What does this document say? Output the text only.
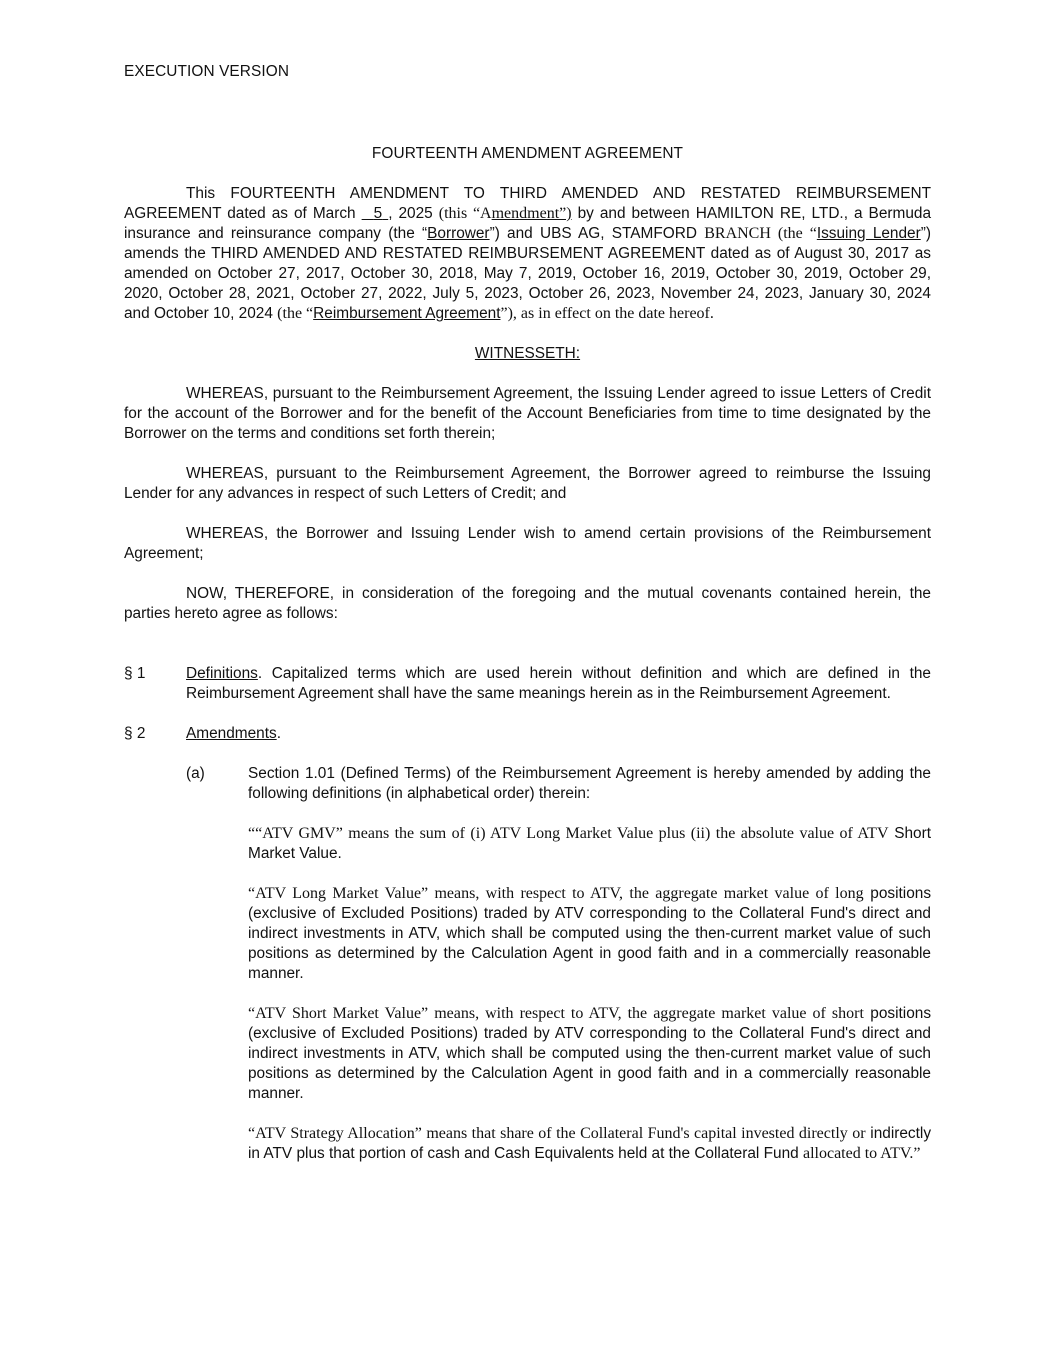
EXECUTION VERSION
FOURTEENTH AMENDMENT AGREEMENT

This FOURTEENTH AMENDMENT TO THIRD AMENDED AND RESTATED REIMBURSEMENT AGREEMENT dated as of March 5 , 2025 (this “Amendment”) by and between HAMILTON RE, LTD., a Bermuda insurance and reinsurance company (the “Borrower”) and UBS AG, STAMFORD BRANCH (the “Issuing Lender”) amends the THIRD AMENDED AND RESTATED REIMBURSEMENT AGREEMENT dated as of August 30, 2017 as amended on October 27, 2017, October 30, 2018, May 7, 2019, October 16, 2019, October 30, 2019, October 29, 2020, October 28, 2021, October 27, 2022, July 5, 2023, October 26, 2023, November 24, 2023, January 30, 2024 and October 10, 2024 (the “Reimbursement Agreement”), as in effect on the date hereof.

WITNESSETH:

WHEREAS, pursuant to the Reimbursement Agreement, the Issuing Lender agreed to issue Letters of Credit for the account of the Borrower and for the benefit of the Account Beneficiaries from time to time designated by the Borrower on the terms and conditions set forth therein;

WHEREAS, pursuant to the Reimbursement Agreement, the Borrower agreed to reimburse the Issuing Lender for any advances in respect of such Letters of Credit; and

WHEREAS, the Borrower and Issuing Lender wish to amend certain provisions of the Reimbursement Agreement;

NOW, THEREFORE, in consideration of the foregoing and the mutual covenants contained herein, the parties hereto agree as follows:

§ 1	Definitions. Capitalized terms which are used herein without definition and which are defined in the Reimbursement Agreement shall have the same meanings herein as in the Reimbursement Agreement.
§ 2	Amendments.
(a)	Section 1.01 (Defined Terms) of the Reimbursement Agreement is hereby amended by adding the following definitions (in alphabetical order) therein:

““ATV GMV” means the sum of (i) ATV Long Market Value plus (ii) the absolute value of ATV Short Market Value.

“ATV Long Market Value” means, with respect to ATV, the aggregate market value of long positions (exclusive of Excluded Positions) traded by ATV corresponding to the Collateral Fund's direct and indirect investments in ATV, which shall be computed using the then-current market value of such positions as determined by the Calculation Agent in good faith and in a commercially reasonable manner.

“ATV Short Market Value” means, with respect to ATV, the aggregate market value of short positions (exclusive of Excluded Positions) traded by ATV corresponding to the Collateral Fund's direct and indirect investments in ATV, which shall be computed using the then-current market value of such positions as determined by the Calculation Agent in good faith and in a commercially reasonable manner.

“ATV Strategy Allocation” means that share of the Collateral Fund's capital invested directly or indirectly in ATV plus that portion of cash and Cash Equivalents held at the Collateral Fund allocated to ATV.”
